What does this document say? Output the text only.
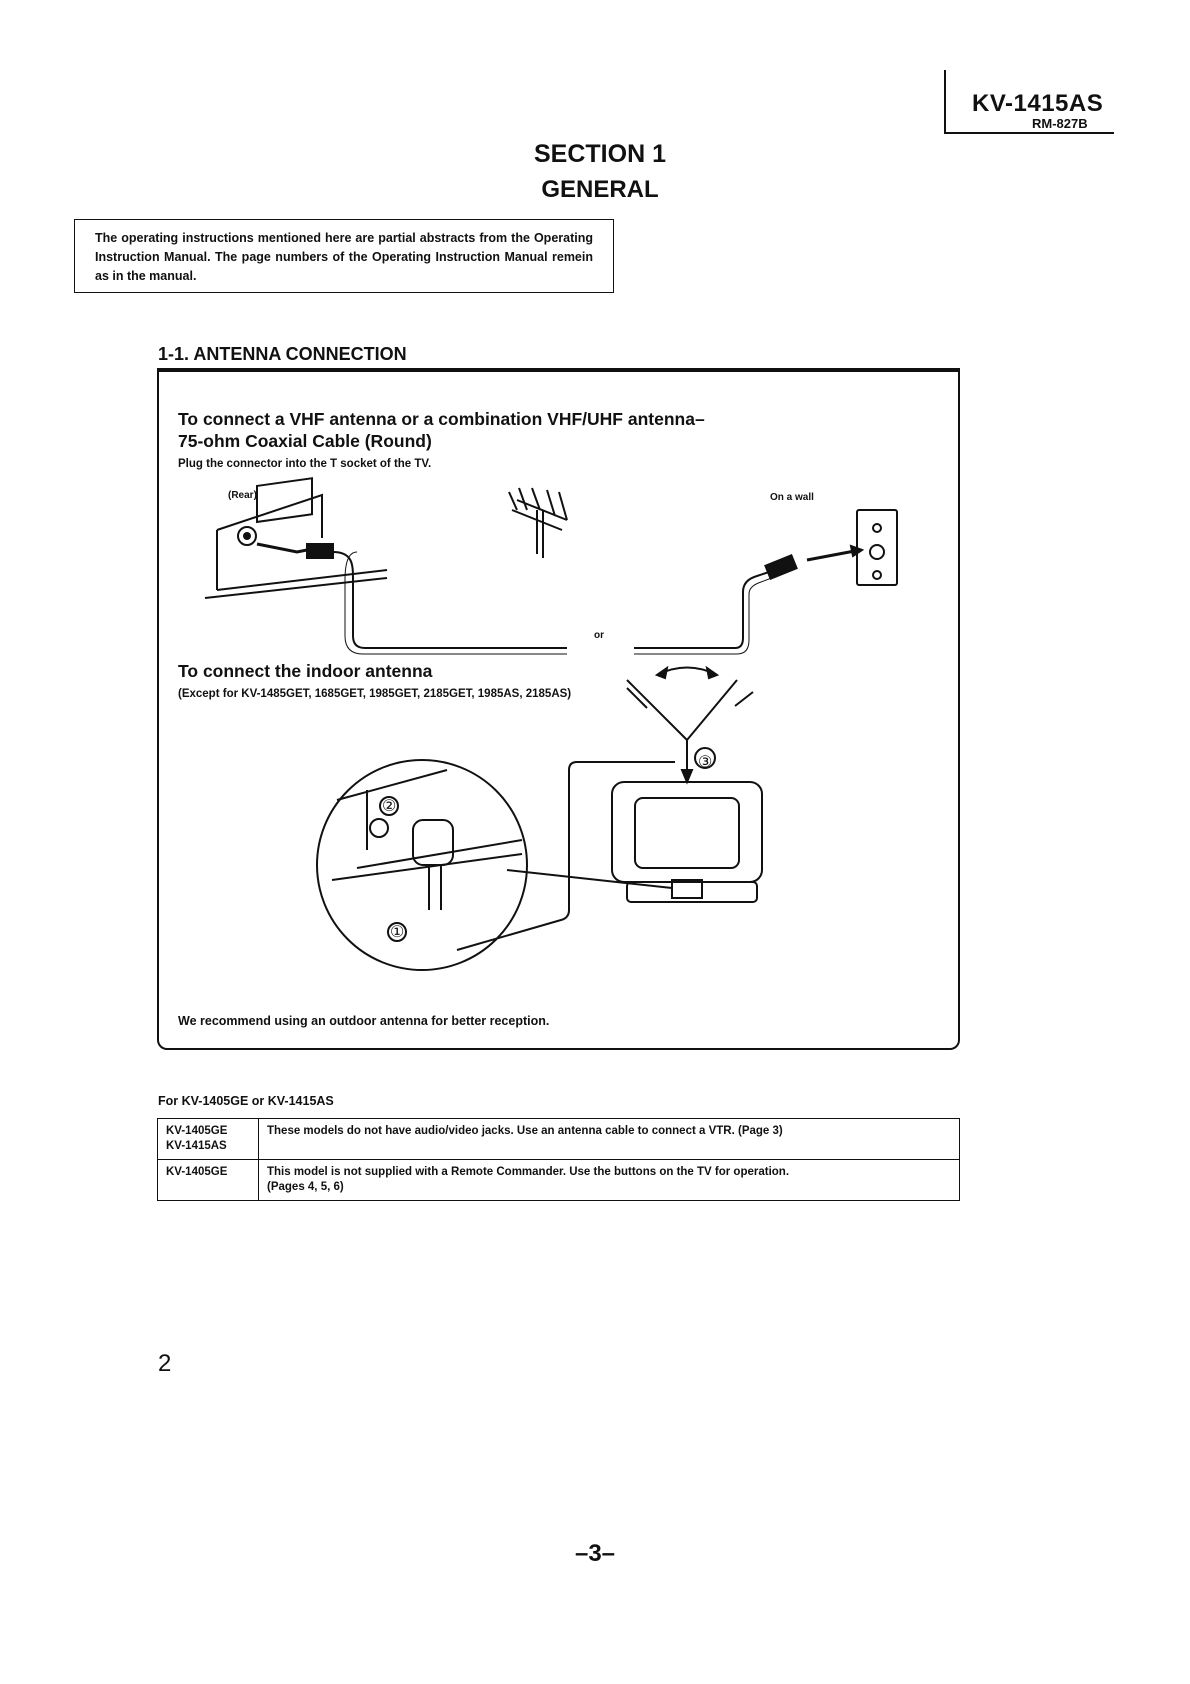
KV-1415AS
RM-827B
SECTION 1
GENERAL
The operating instructions mentioned here are partial abstracts from the Operating Instruction Manual. The page numbers of the Operating Instruction Manual remein as in the manual.
1-1. ANTENNA CONNECTION
To connect a VHF antenna or a combination VHF/UHF antenna–
75-ohm Coaxial Cable (Round)
Plug the connector into the T socket of the TV.
(Rear)	On a wall
or
To connect the indoor antenna
(Except for KV-1485GET, 1685GET, 1985GET, 2185GET, 1985AS, 2185AS)
We recommend using an outdoor antenna for better reception.
③
②
①
For KV-1405GE or KV-1415AS
KV-1405GE
KV-1415AS	These models do not have audio/video jacks. Use an antenna cable to connect a VTR. (Page 3)

KV-1405GE	This model is not supplied with a Remote Commander. Use the buttons on the TV for operation.
(Pages 4, 5, 6)
2
–3–
